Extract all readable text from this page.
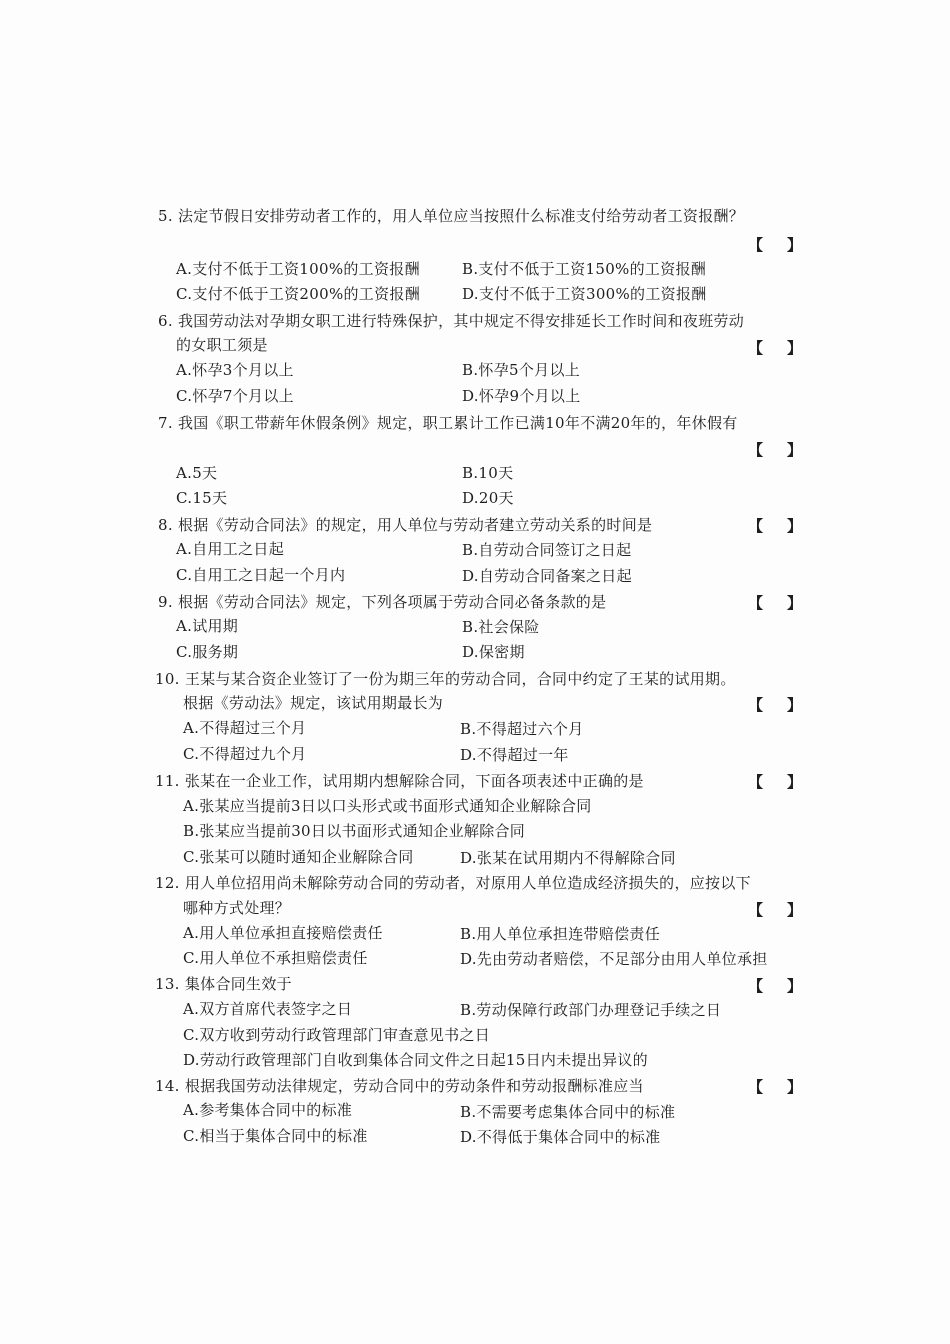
5. 法定节假日安排劳动者工作的，用人单位应当按照什么标准支付给劳动者工资报酬？
【 】
A.支付不低于工资100%的工资报酬	B.支付不低于工资150%的工资报酬
C.支付不低于工资200%的工资报酬	D.支付不低于工资300%的工资报酬
6. 我国劳动法对孕期女职工进行特殊保护，其中规定不得安排延长工作时间和夜班劳动
的女职工须是	【 】
A.怀孕3个月以上	B.怀孕5个月以上
C.怀孕7个月以上	D.怀孕9个月以上
7. 我国《职工带薪年休假条例》规定，职工累计工作已满10年不满20年的，年休假有
【 】
A.5天	B.10天
C.15天	D.20天
8. 根据《劳动合同法》的规定，用人单位与劳动者建立劳动关系的时间是	【 】
A.自用工之日起	B.自劳动合同签订之日起
C.自用工之日起一个月内	D.自劳动合同备案之日起
9. 根据《劳动合同法》规定，下列各项属于劳动合同必备条款的是	【 】
A.试用期	B.社会保险
C.服务期	D.保密期
10. 王某与某合资企业签订了一份为期三年的劳动合同，合同中约定了王某的试用期。
根据《劳动法》规定，该试用期最长为	【 】
A.不得超过三个月	B.不得超过六个月
C.不得超过九个月	D.不得超过一年
11. 张某在一企业工作，试用期内想解除合同，下面各项表述中正确的是	【 】
A.张某应当提前3日以口头形式或书面形式通知企业解除合同
B.张某应当提前30日以书面形式通知企业解除合同
C.张某可以随时通知企业解除合同	D.张某在试用期内不得解除合同
12. 用人单位招用尚未解除劳动合同的劳动者，对原用人单位造成经济损失的，应按以下
哪种方式处理？	【 】
A.用人单位承担直接赔偿责任	B.用人单位承担连带赔偿责任
C.用人单位不承担赔偿责任	D.先由劳动者赔偿，不足部分由用人单位承担
13. 集体合同生效于	【 】
A.双方首席代表签字之日	B.劳动保障行政部门办理登记手续之日
C.双方收到劳动行政管理部门审查意见书之日
D.劳动行政管理部门自收到集体合同文件之日起15日内未提出异议的
14. 根据我国劳动法律规定，劳动合同中的劳动条件和劳动报酬标准应当	【 】
A.参考集体合同中的标准	B.不需要考虑集体合同中的标准
C.相当于集体合同中的标准	D.不得低于集体合同中的标准
